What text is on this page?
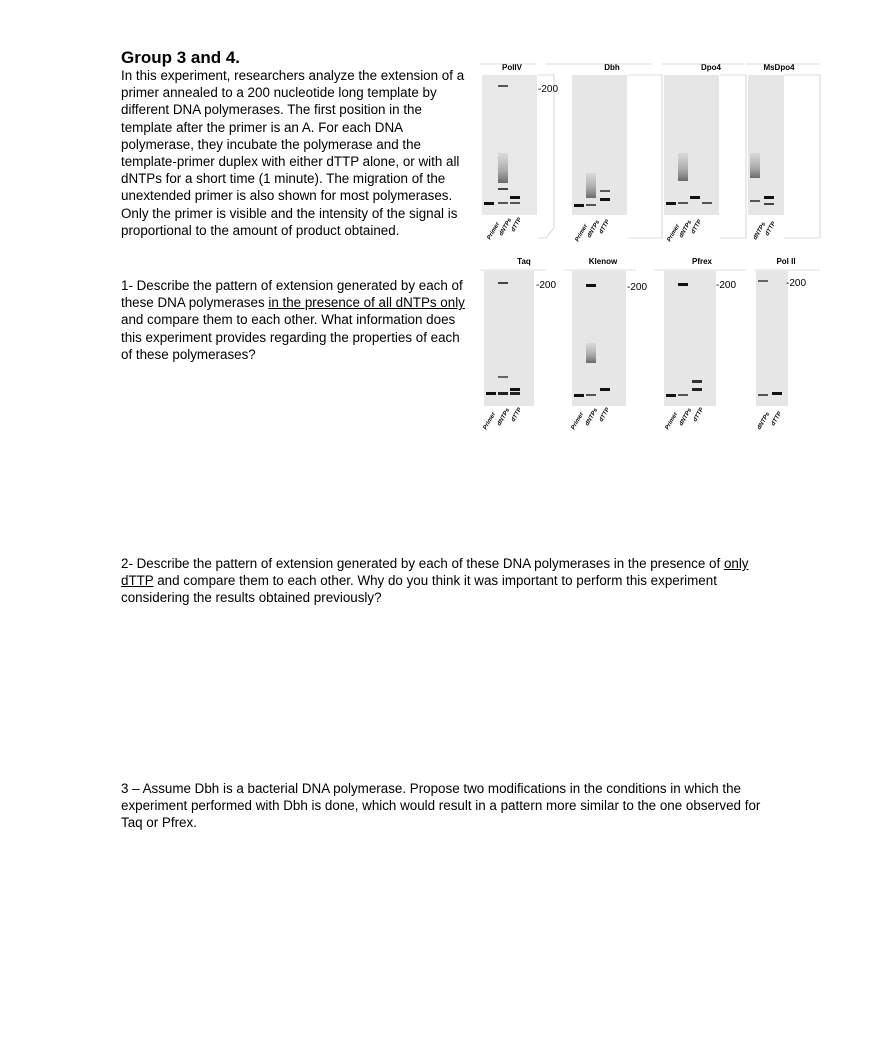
Group 3 and 4.
In this experiment, researchers analyze the extension of a primer annealed to a 200 nucleotide long template by different DNA polymerases. The first position in the template after the primer is an A. For each DNA polymerase, they incubate the polymerase and the template-primer duplex with either dTTP alone, or with all dNTPs for a short time (1 minute). The migration of the unextended primer is also shown for most polymerases. Only the primer is visible and the intensity of the signal is proportional to the amount of product obtained.
1- Describe the pattern of extension generated by each of these DNA polymerases in the presence of all dNTPs only and compare them to each other. What information does this experiment provides regarding the properties of each of these polymerases?
2- Describe the pattern of extension generated by each of these DNA polymerases in the presence of only dTTP and compare them to each other. Why do you think it was important to perform this experiment considering the results obtained previously?
3 – Assume Dbh is a bacterial DNA polymerase. Propose two modifications in the conditions in which the experiment performed with Dbh is done, which would result in a pattern more similar to the one observed for Taq or Pfrex.
PolIV
-200
Primer
dNTPs
dTTP
Dbh
Primer
dNTPs
dTTP
Dpo4
Primer
dNTPs
dTTP
MsDpo4
dNTPs
dTTP
Taq
-200
Primer dNTPs dTTP
Klenow
-200
Primer dNTPs dTTP
Pfrex
-200
Primer dNTPs dTTP
Pol II
-200
dNTPs dTTP
